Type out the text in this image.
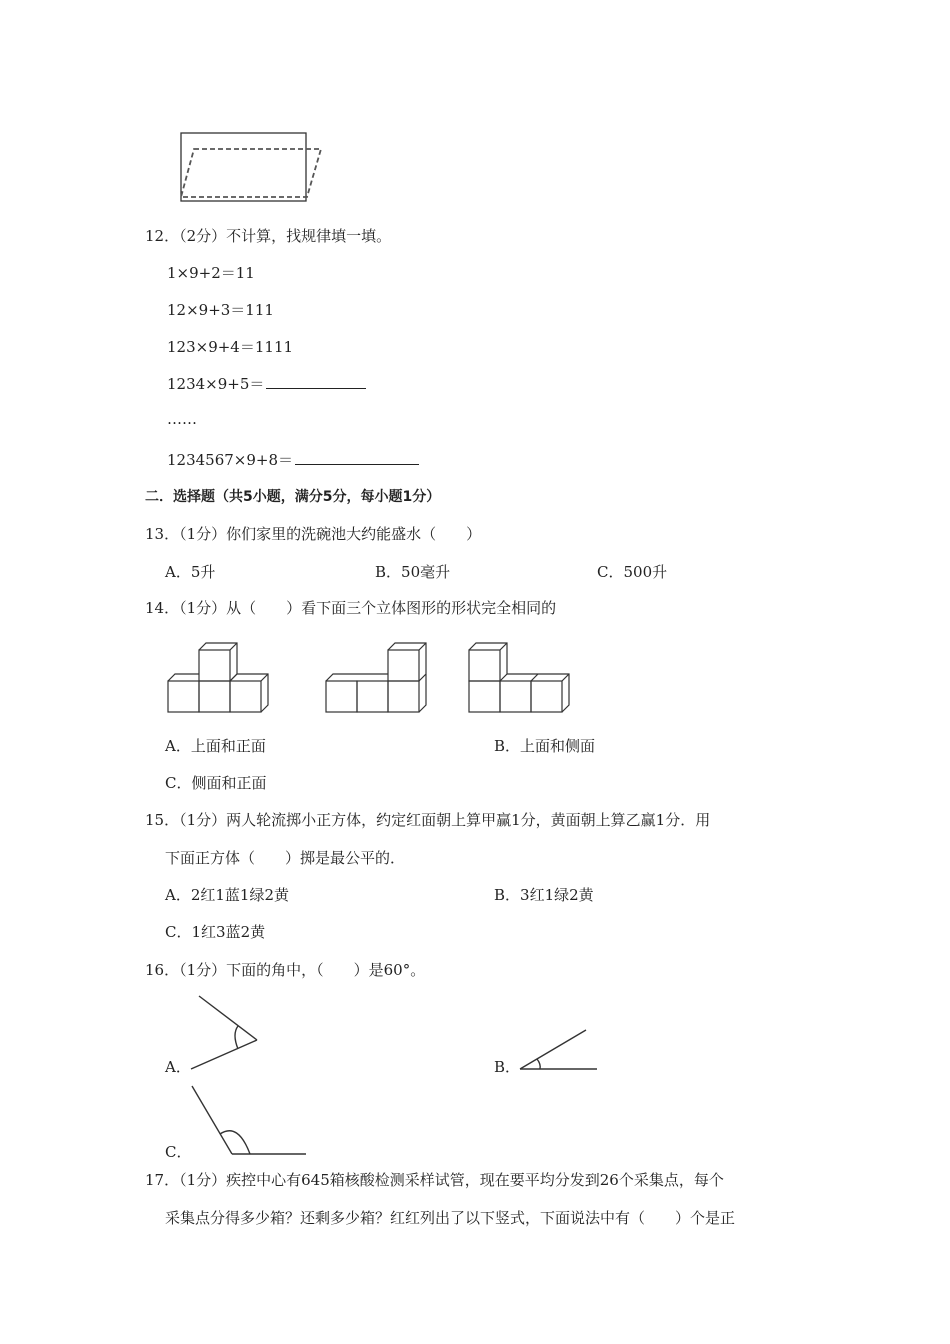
12．（2分）不计算，找规律填一填。
1×9+2＝11
12×9+3＝111
123×9+4＝1111
1234×9+5＝
……
1234567×9+8＝
二．选择题（共5小题，满分5分，每小题1分）
13．（1分）你们家里的洗碗池大约能盛水（　　）
A．5升	B．50毫升	C．500升
14．（1分）从（　　）看下面三个立体图形的形状完全相同的
A．上面和正面	B．上面和侧面
C．侧面和正面
15．（1分）两人轮流掷小正方体，约定红面朝上算甲赢1分，黄面朝上算乙赢1分．用
下面正方体（　　）掷是最公平的．
A．2红1蓝1绿2黄	B．3红1绿2黄
C．1红3蓝2黄
16．（1分）下面的角中，（　　）是60°。
A．	B．
C．
17．（1分）疾控中心有645箱核酸检测采样试管，现在要平均分发到26个采集点，每个
采集点分得多少箱？还剩多少箱？红红列出了以下竖式，下面说法中有（　　）个是正
